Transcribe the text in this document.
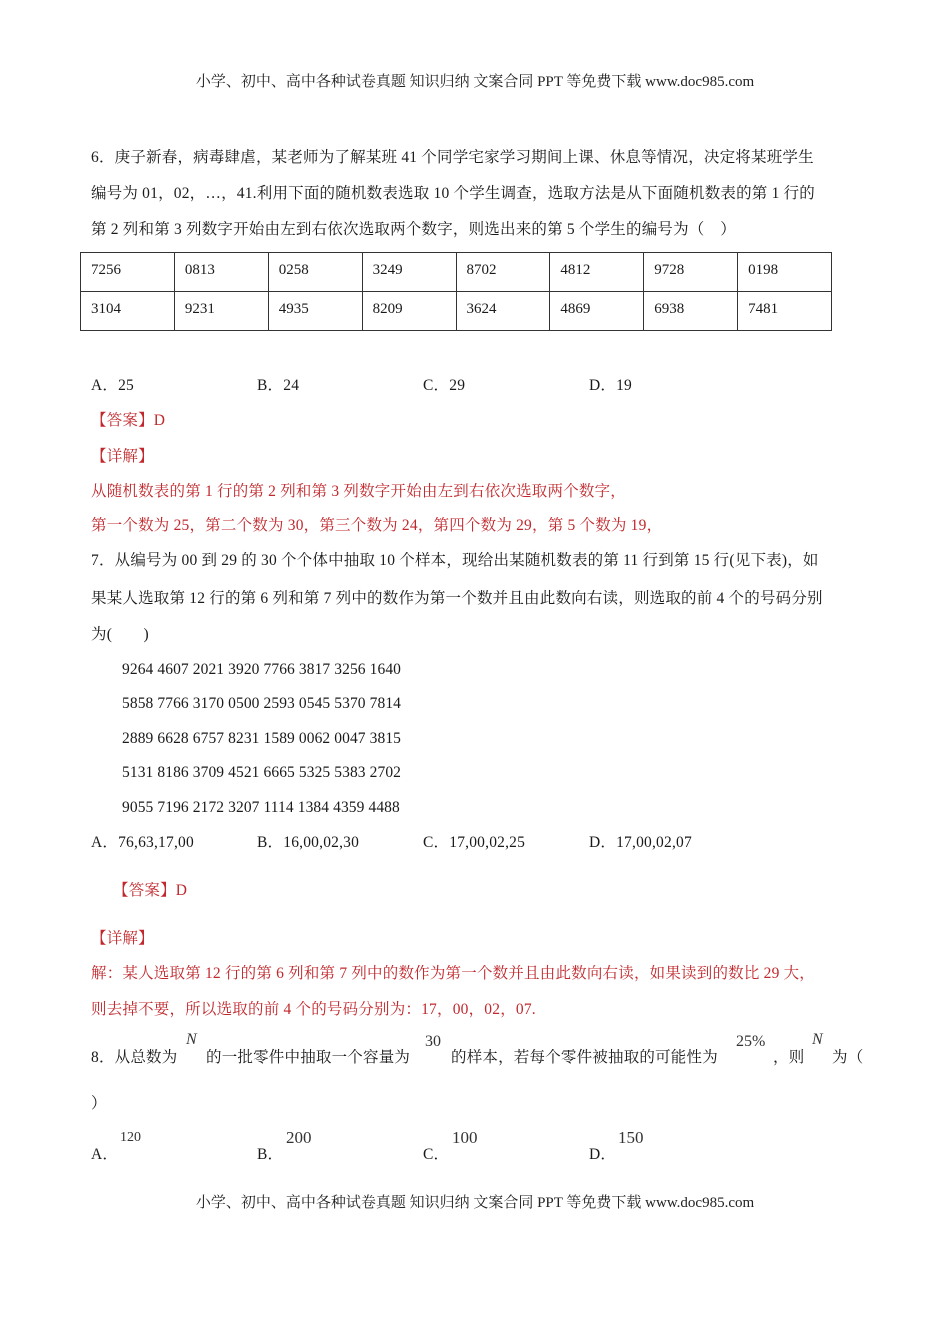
小学、初中、高中各种试卷真题 知识归纳 文案合同 PPT 等免费下载 www.doc985.com
6．庚子新春，病毒肆虐，某老师为了解某班 41 个同学宅家学习期间上课、休息等情况，决定将某班学生
编号为 01，02，…，41.利用下面的随机数表选取 10 个学生调查，选取方法是从下面随机数表的第 1 行的
第 2 列和第 3 列数字开始由左到右依次选取两个数字，则选出来的第 5 个学生的编号为（　）
7256	0813	0258	3249	8702	4812	9728	0198
3104	9231	4935	8209	3624	4869	6938	7481
A．25	B．24	C．29	D．19
【答案】D
【详解】
从随机数表的第 1 行的第 2 列和第 3 列数字开始由左到右依次选取两个数字，
第一个数为 25，第二个数为 30，第三个数为 24，第四个数为 29，第 5 个数为 19，
7．从编号为 00 到 29 的 30 个个体中抽取 10 个样本，现给出某随机数表的第 11 行到第 15 行(见下表)，如
果某人选取第 12 行的第 6 列和第 7 列中的数作为第一个数并且由此数向右读，则选取的前 4 个的号码分别
为(　　)
9264 4607 2021 3920 7766 3817 3256 1640
5858 7766 3170 0500 2593 0545 5370 7814
2889 6628 6757 8231 1589 0062 0047 3815
5131 8186 3709 4521 6665 5325 5383 2702
9055 7196 2172 3207 1114 1384 4359 4488
A．76,63,17,00	B．16,00,02,30	C．17,00,02,25	D．17,00,02,07
【答案】D
【详解】
解：某人选取第 12 行的第 6 列和第 7 列中的数作为第一个数并且由此数向右读，如果读到的数比 29 大，
则去掉不要，所以选取的前 4 个的号码分别为：17，00，02，07.
8．从总数为
N
的一批零件中抽取一个容量为
30
的样本，若每个零件被抽取的可能性为
25%
，则
N
为（
）
A．
120
B．
200
C．
100
D．
150
小学、初中、高中各种试卷真题 知识归纳 文案合同 PPT 等免费下载 www.doc985.com
